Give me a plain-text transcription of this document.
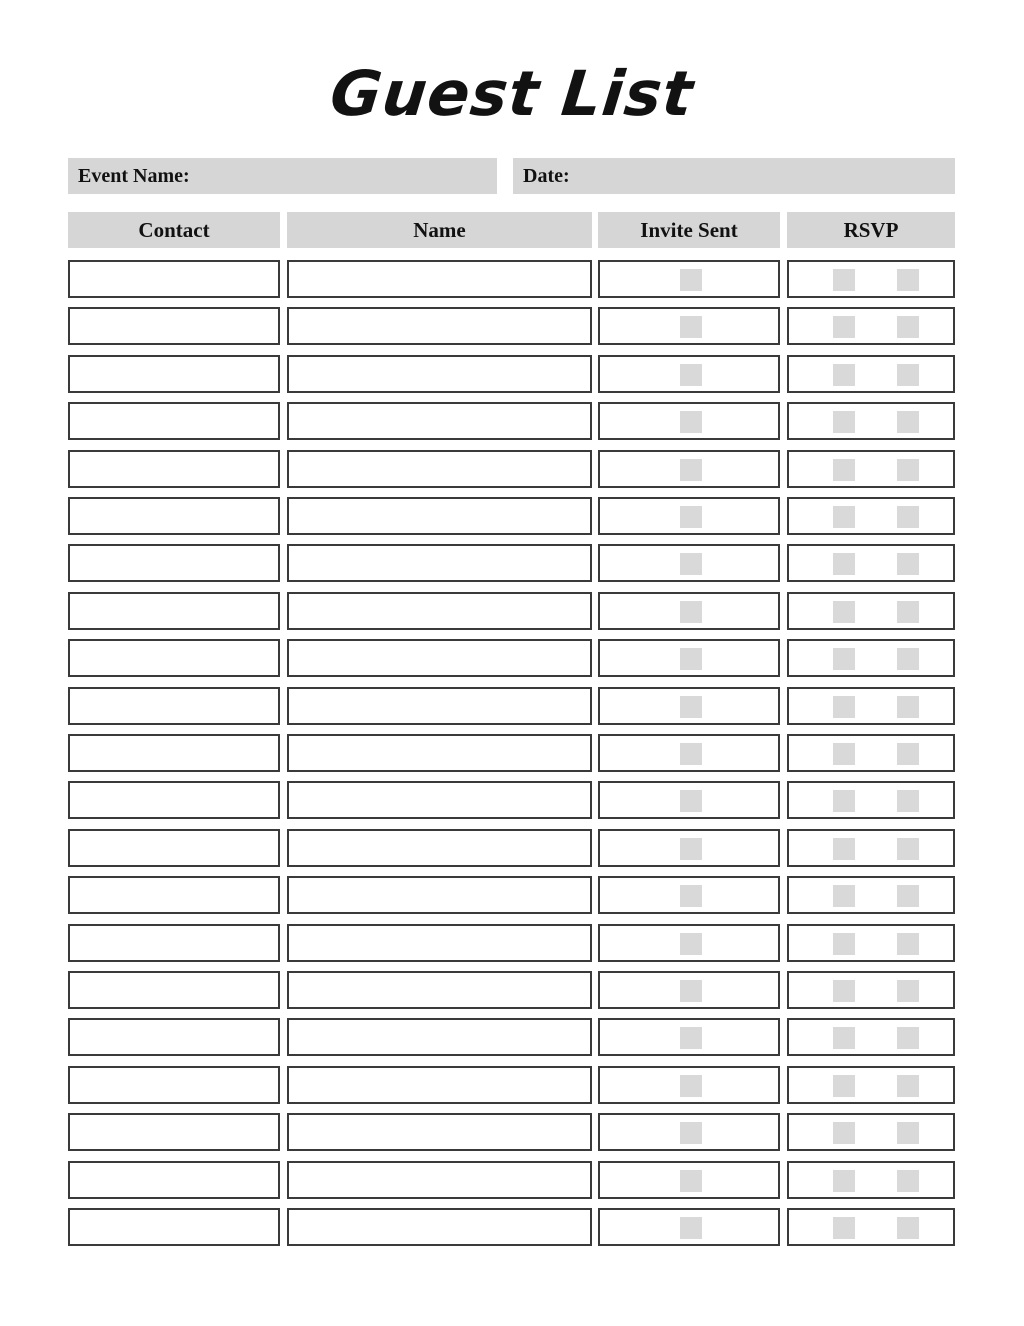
Guest List
Event Name:	Date:
Contact	Name	Invite Sent	RSVP
